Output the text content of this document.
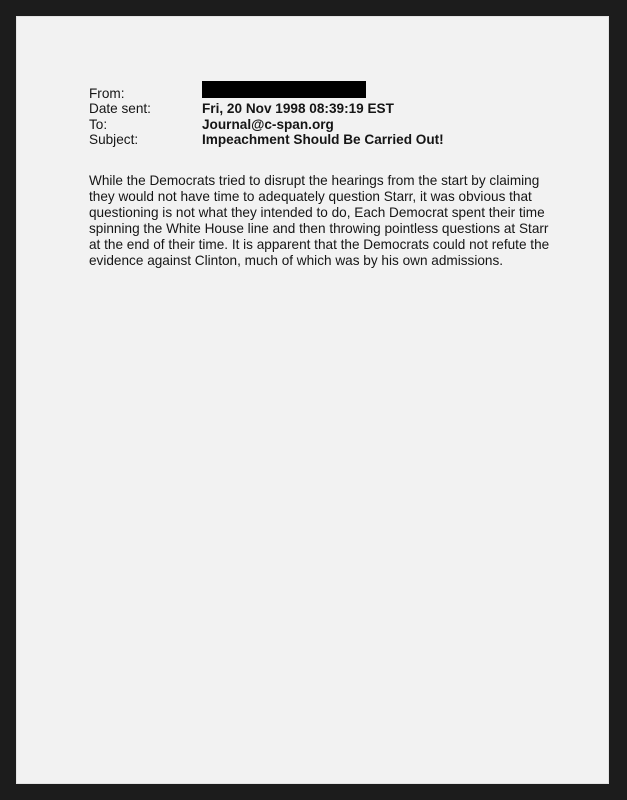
From:
Date sent:	Fri, 20 Nov 1998 08:39:19 EST
To:	Journal@c-span.org
Subject:	Impeachment Should Be Carried Out!

While the Democrats tried to disrupt the hearings from the start by claiming they would not have time to adequately question Starr, it was obvious that questioning is not what they intended to do, Each Democrat spent their time spinning the White House line and then throwing pointless questions at Starr at the end of their time. It is apparent that the Democrats could not refute the evidence against Clinton, much of which was by his own admissions.
